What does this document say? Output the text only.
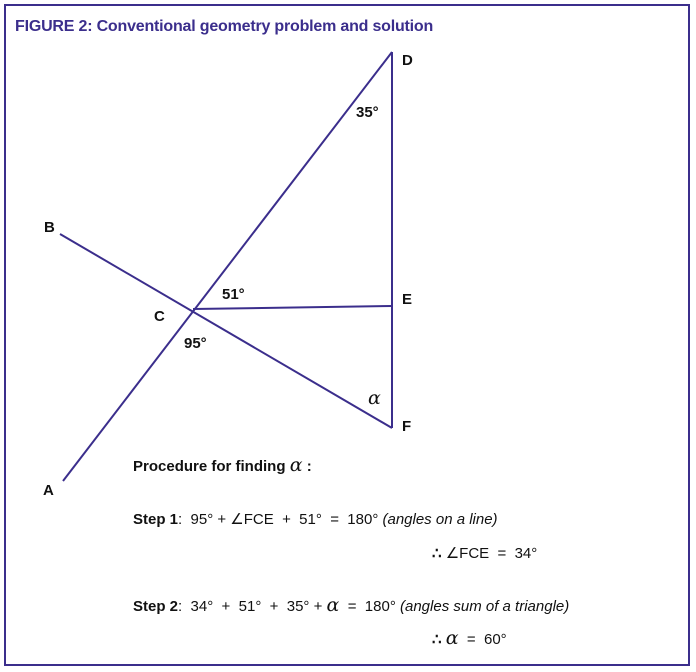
FIGURE 2: Conventional geometry problem and solution
D
B
C
E
F
A
35°
51°
95°
α
Procedure for finding α :
Step 1:  95° + ∠FCE  +  51°  =  180° (angles on a line)
∴ ∠FCE  =  34°
Step 2:  34°  +  51°  +  35° + α  =  180° (angles sum of a triangle)
∴ α  =  60°
